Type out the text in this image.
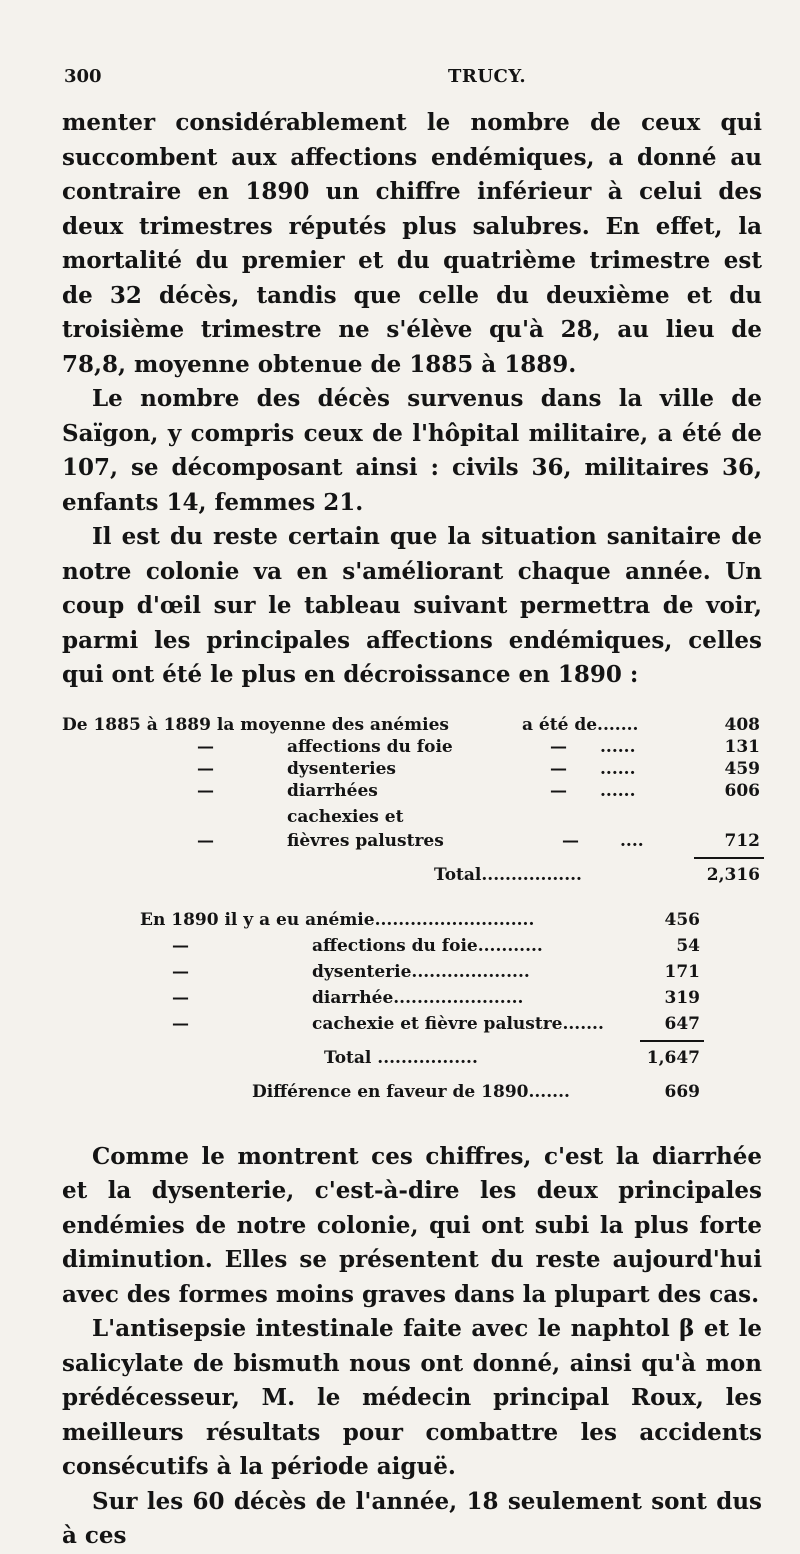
300	TRUCY.

menter considérablement le nombre de ceux qui succombent aux affections endémiques, a donné au contraire en 1890 un chiffre inférieur à celui des deux trimestres réputés plus salubres. En effet, la mortalité du premier et du quatrième trimestre est de 32 décès, tandis que celle du deuxième et du troisième trimestre ne s'élève qu'à 28, au lieu de 78,8, moyenne obtenue de 1885 à 1889.

Le nombre des décès survenus dans la ville de Saïgon, y compris ceux de l'hôpital militaire, a été de 107, se décomposant ainsi : civils 36, militaires 36, enfants 14, femmes 21.

Il est du reste certain que la situation sanitaire de notre colonie va en s'améliorant chaque année. Un coup d'œil sur le tableau suivant permettra de voir, parmi les principales affections endémiques, celles qui ont été le plus en décroissance en 1890 :

De 1885 à 1889 la moyenne des anémies	a été de.......	408
—	affections du foie	— ......	131
—	dysenteries	— ......	459
—	diarrhées	— ......	606
cachexies et
—	fièvres palustres	— ....	712
Total.................	2,316
En 1890 il y a eu anémie...........................	456
—	affections du foie...........	54
—	dysenterie....................	171
—	diarrhée......................	319
—	cachexie et fièvre palustre.......	647
Total .................	1,647
Différence en faveur de 1890.......	669

Comme le montrent ces chiffres, c'est la diarrhée et la dysenterie, c'est-à-dire les deux principales endémies de notre colonie, qui ont subi la plus forte diminution. Elles se présentent du reste aujourd'hui avec des formes moins graves dans la plupart des cas.

L'antisepsie intestinale faite avec le naphtol β et le salicylate de bismuth nous ont donné, ainsi qu'à mon prédécesseur, M. le médecin principal Roux, les meilleurs résultats pour combattre les accidents consécutifs à la période aiguë.

Sur les 60 décès de l'année, 18 seulement sont dus à ces
